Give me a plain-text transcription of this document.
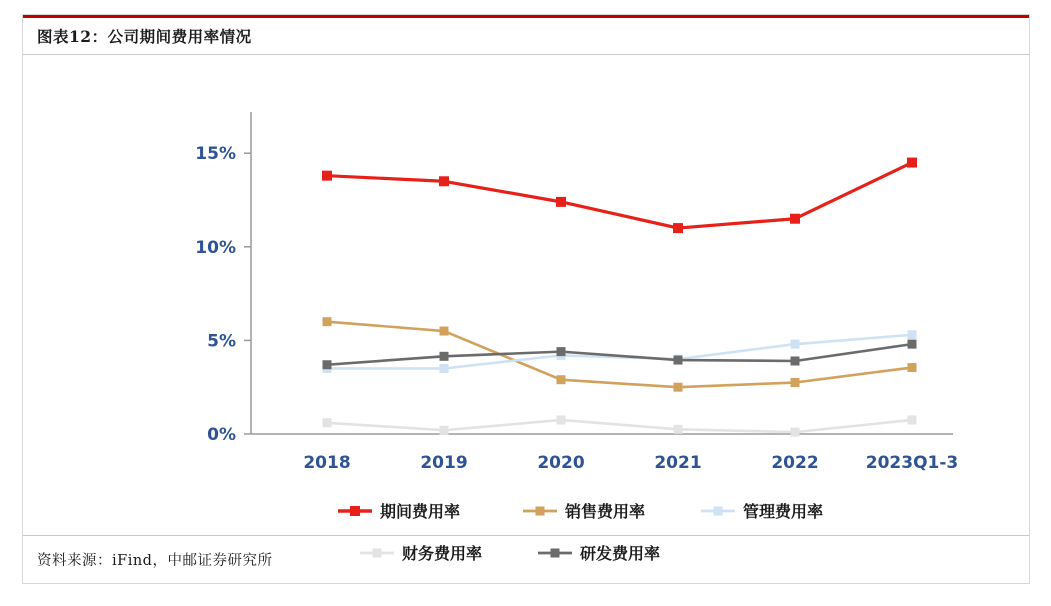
图表12：公司期间费用率情况
0%
5%
10%
15%
2018	2019	2020	2021	2022	2023Q1-3
期间费用率	销售费用率	管理费用率
财务费用率	研发费用率
资料来源：iFind，中邮证券研究所
